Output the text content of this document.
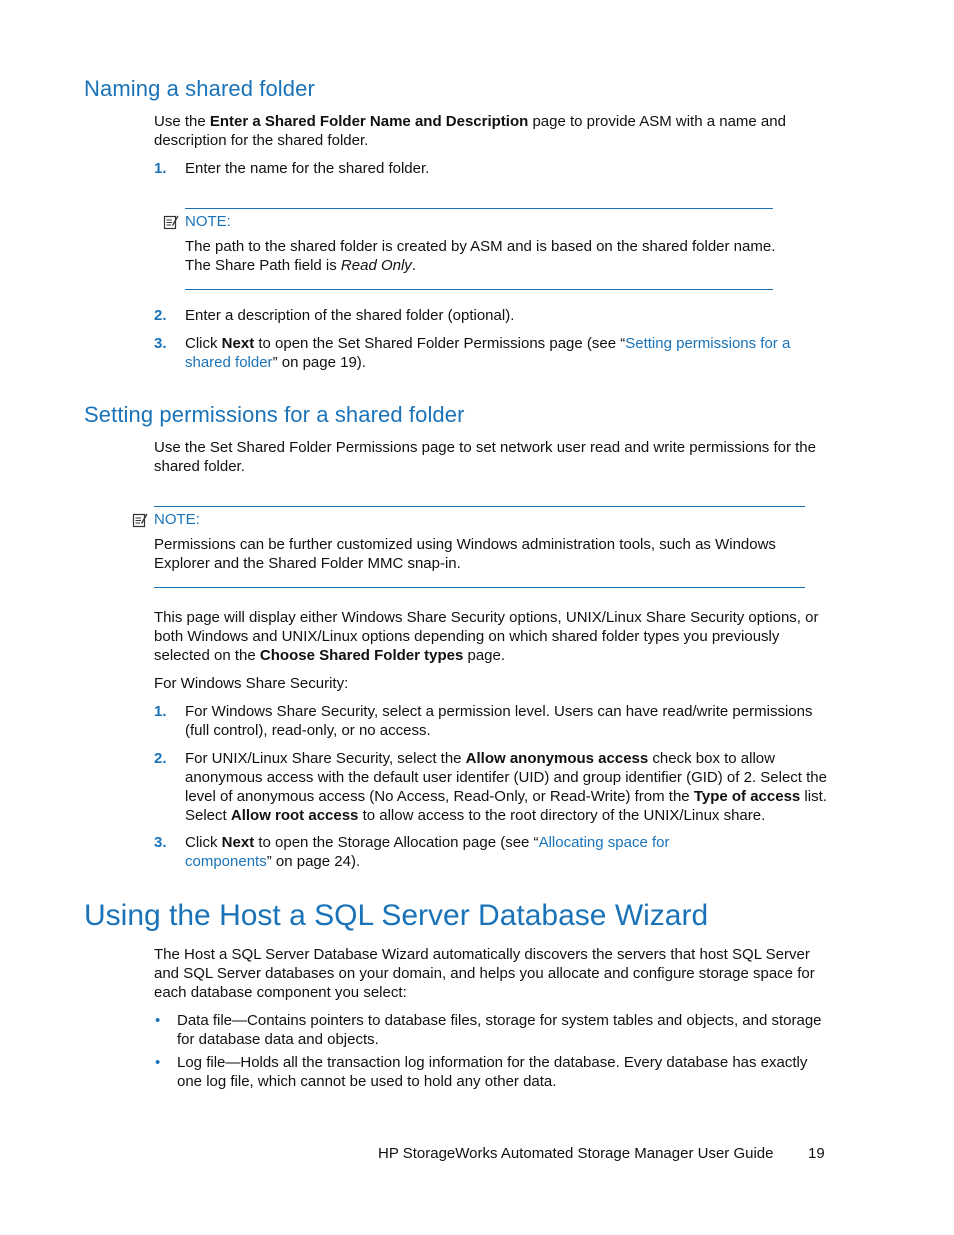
Naming a shared folder

Use the Enter a Shared Folder Name and Description page to provide ASM with a name and description for the shared folder.

1. Enter the name for the shared folder.
NOTE:

The path to the shared folder is created by ASM and is based on the shared folder name.
The Share Path field is Read Only.

2. Enter a description of the shared folder (optional).
3. Click Next to open the Set Shared Folder Permissions page (see “Setting permissions for a shared folder” on page 19).

Setting permissions for a shared folder

Use the Set Shared Folder Permissions page to set network user read and write permissions for the shared folder.

NOTE:

Permissions can be further customized using Windows administration tools, such as Windows Explorer and the Shared Folder MMC snap-in.

This page will display either Windows Share Security options, UNIX/Linux Share Security options, or both Windows and UNIX/Linux options depending on which shared folder types you previously selected on the Choose Shared Folder types page.

For Windows Share Security:

1. For Windows Share Security, select a permission level. Users can have read/write permissions (full control), read-only, or no access.

2. For UNIX/Linux Share Security, select the Allow anonymous access check box to allow anonymous access with the default user identifer (UID) and group identifier (GID) of 2. Select the level of anonymous access (No Access, Read-Only, or Read-Write) from the Type of access list. Select Allow root access to allow access to the root directory of the UNIX/Linux share.

3. Click Next to open the Storage Allocation page (see “Allocating space for components” on page 24).

Using the Host a SQL Server Database Wizard

The Host a SQL Server Database Wizard automatically discovers the servers that host SQL Server and SQL Server databases on your domain, and helps you allocate and configure storage space for each database component you select:

• Data file—Contains pointers to database files, storage for system tables and objects, and storage for database data and objects.

• Log file—Holds all the transaction log information for the database. Every database has exactly one log file, which cannot be used to hold any other data.

HP StorageWorks Automated Storage Manager User Guide 19
